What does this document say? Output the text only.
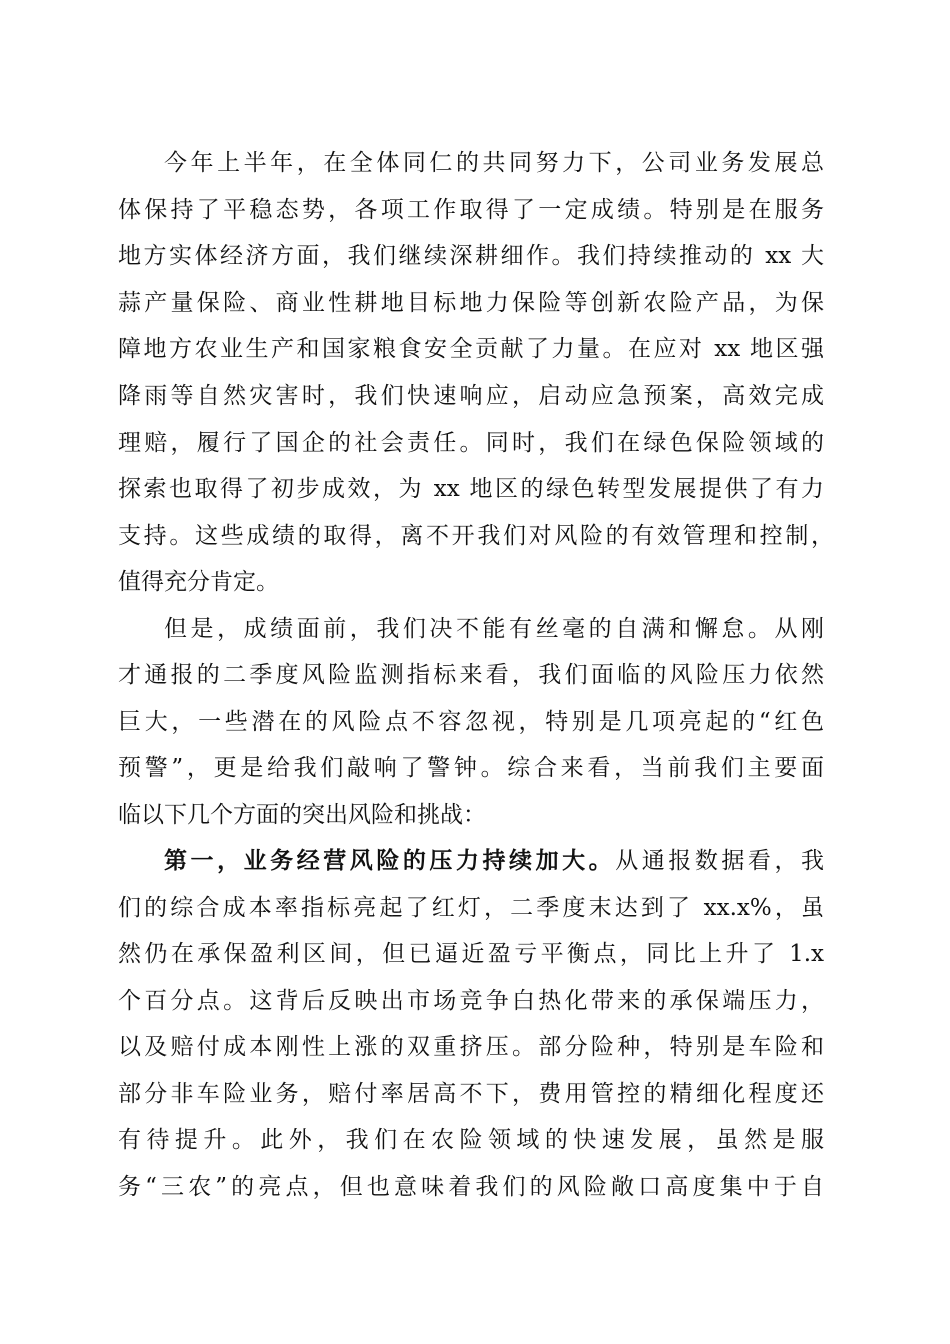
今年上半年，在全体同仁的共同努力下，公司业务发展总

体保持了平稳态势，各项工作取得了一定成绩。特别是在服务

地方实体经济方面，我们继续深耕细作。我们持续推动的 xx 大

蒜产量保险、商业性耕地目标地力保险等创新农险产品，为保

障地方农业生产和国家粮食安全贡献了力量。在应对 xx 地区强

降雨等自然灾害时，我们快速响应，启动应急预案，高效完成

理赔，履行了国企的社会责任。同时，我们在绿色保险领域的

探索也取得了初步成效，为 xx 地区的绿色转型发展提供了有力

支持。这些成绩的取得，离不开我们对风险的有效管理和控制，

值得充分肯定。

但是，成绩面前，我们决不能有丝毫的自满和懈怠。从刚

才通报的二季度风险监测指标来看，我们面临的风险压力依然

巨大，一些潜在的风险点不容忽视，特别是几项亮起的“红色

预警”，更是给我们敲响了警钟。综合来看，当前我们主要面

临以下几个方面的突出风险和挑战：

第一，业务经营风险的压力持续加大。从通报数据看，我

们的综合成本率指标亮起了红灯，二季度末达到了 xx.x%，虽

然仍在承保盈利区间，但已逼近盈亏平衡点，同比上升了 1.x

个百分点。这背后反映出市场竞争白热化带来的承保端压力，

以及赔付成本刚性上涨的双重挤压。部分险种，特别是车险和

部分非车险业务，赔付率居高不下，费用管控的精细化程度还

有待提升。此外，我们在农险领域的快速发展，虽然是服

务“三农”的亮点，但也意味着我们的风险敞口高度集中于自
